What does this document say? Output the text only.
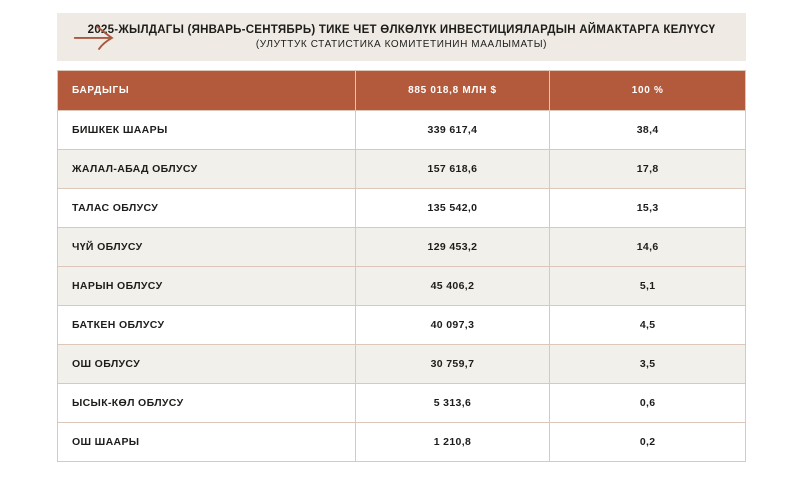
2025-ЖЫЛДАГЫ (ЯНВАРЬ-СЕНТЯБРЬ) ТИКЕ ЧЕТ ӨЛКӨЛҮК ИНВЕСТИЦИЯЛАРДЫН АЙМАКТАРГА КЕЛҮҮСҮ
(УЛУТТУК СТАТИСТИКА КОМИТЕТИНИН МААЛЫМАТЫ)
БАРДЫГЫ	885 018,8 МЛН $	100 %
БИШКЕК ШААРЫ	339 617,4	38,4
ЖАЛАЛ-АБАД ОБЛУСУ	157 618,6	17,8
ТАЛАС ОБЛУСУ	135 542,0	15,3
ЧҮЙ ОБЛУСУ	129 453,2	14,6
НАРЫН ОБЛУСУ	45 406,2	5,1
БАТКЕН ОБЛУСУ	40 097,3	4,5
ОШ ОБЛУСУ	30 759,7	3,5
ЫСЫК-КӨЛ ОБЛУСУ	5 313,6	0,6
ОШ ШААРЫ	1 210,8	0,2
